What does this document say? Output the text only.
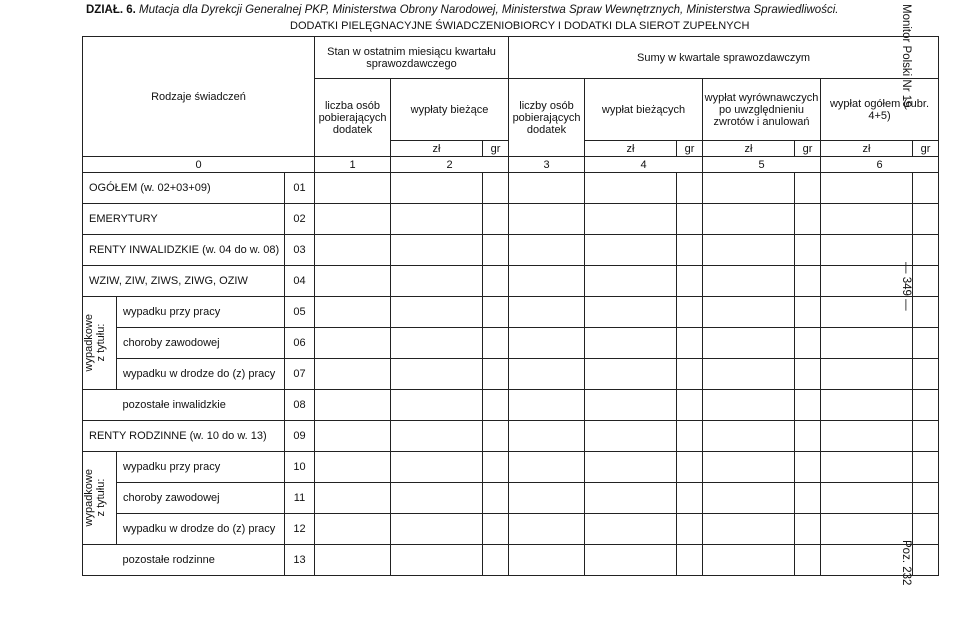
DZIAŁ. 6. Mutacja dla Dyrekcji Generalnej PKP, Ministerstwa Obrony Narodowej, Ministerstwa Spraw Wewnętrznych, Ministerstwa Sprawiedliwości.
DODATKI PIELĘGNACYJNE ŚWIADCZENIOBIORCY I DODATKI DLA SIEROT ZUPEŁNYCH	Monitor Polski Nr 19
— 349 —
Poz. 232
Rodzaje świadczeń			Stan w ostatnim miesiącu kwartału sprawozdawczego			Sumy w kwartale sprawozdawczym						
			liczba osób pobierających dodatek	wypłaty bieżące		liczby osób pobierających dodatek	wypłat bieżących		wypłat wyrównawczych po uwzględnieniu zwrotów i anulowań		wypłat ogółem (rubr. 4+5)	
				zł	gr		zł	gr	zł	gr	zł	gr
0			1	2		3	4		5		6	
OGÓŁEM (w. 02+03+09)		01										
EMERYTURY		02										
RENTY INWALIDZKIE (w. 04 do w. 08)		03										
WZIW, ZIW, ZIWS, ZIWG, OZIW		04										

wypadkowe
z tytułu:	wypadku przy pracy	05										
	choroby zawodowej	06										
	wypadku w drodze do (z) pracy	07										
	pozostałe inwalidzkie	08										
RENTY RODZINNE (w. 10 do w. 13)		09										

wypadkowe
z tytułu:	wypadku przy pracy	10										
	choroby zawodowej	11										
	wypadku w drodze do (z) pracy	12										
	pozostałe rodzinne	13										
